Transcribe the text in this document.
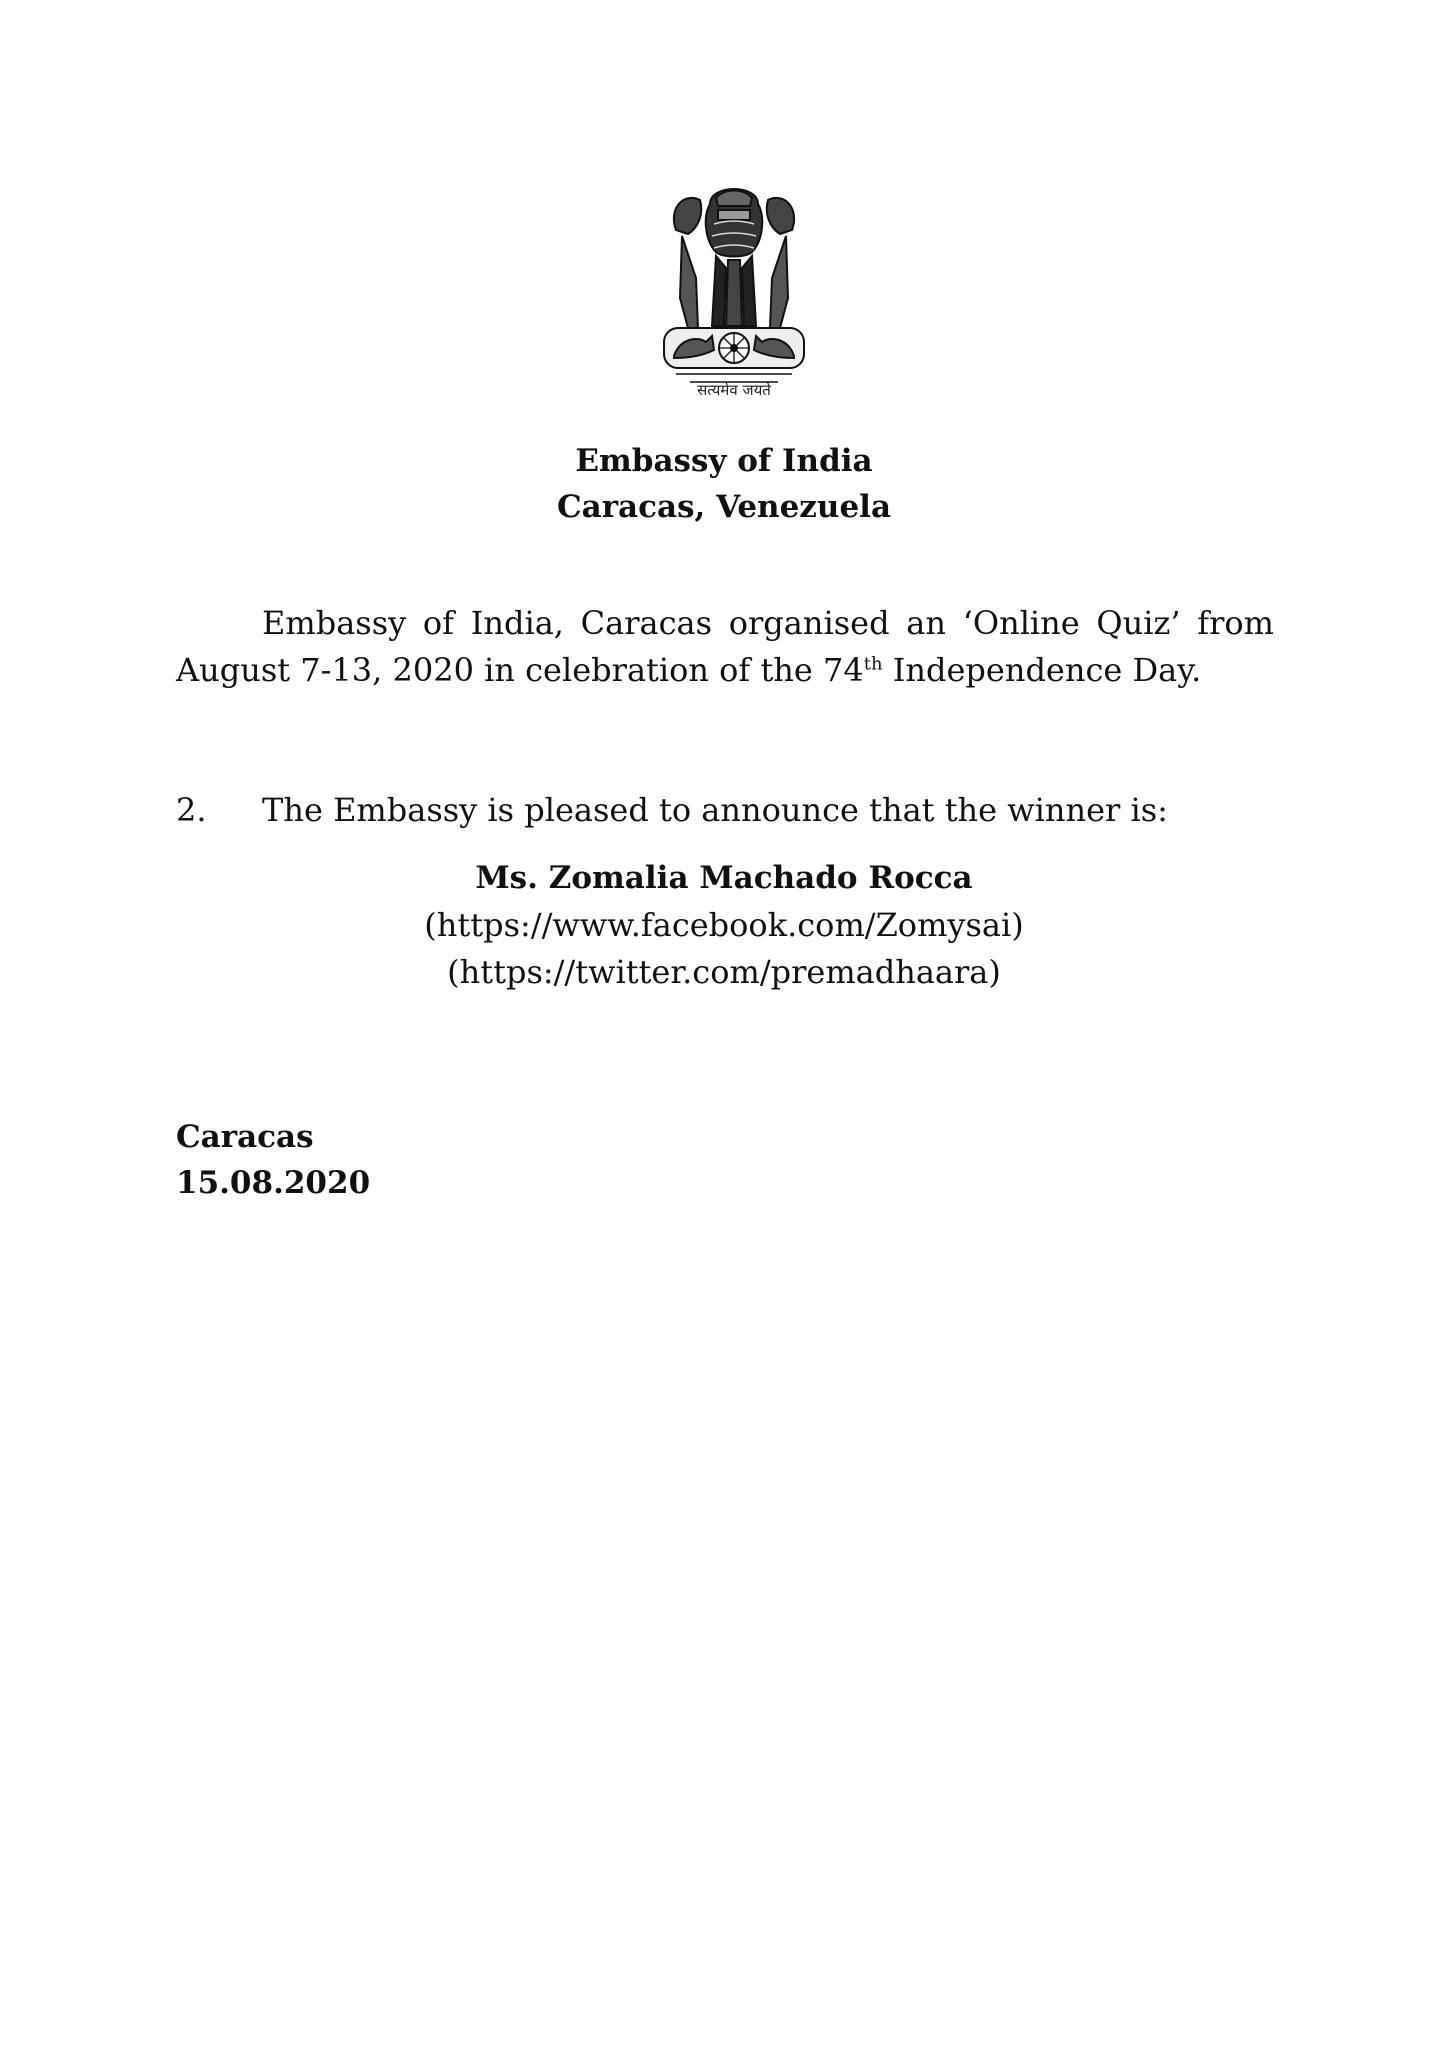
सत्यमेव जयते
Embassy of India
Caracas, Venezuela
Embassy of India, Caracas organised an ‘Online Quiz’ from August 7-13, 2020 in celebration of the 74th Independence Day.
2. The Embassy is pleased to announce that the winner is:
Ms. Zomalia Machado Rocca
(https://www.facebook.com/Zomysai)
(https://twitter.com/premadhaara)
Caracas
15.08.2020
